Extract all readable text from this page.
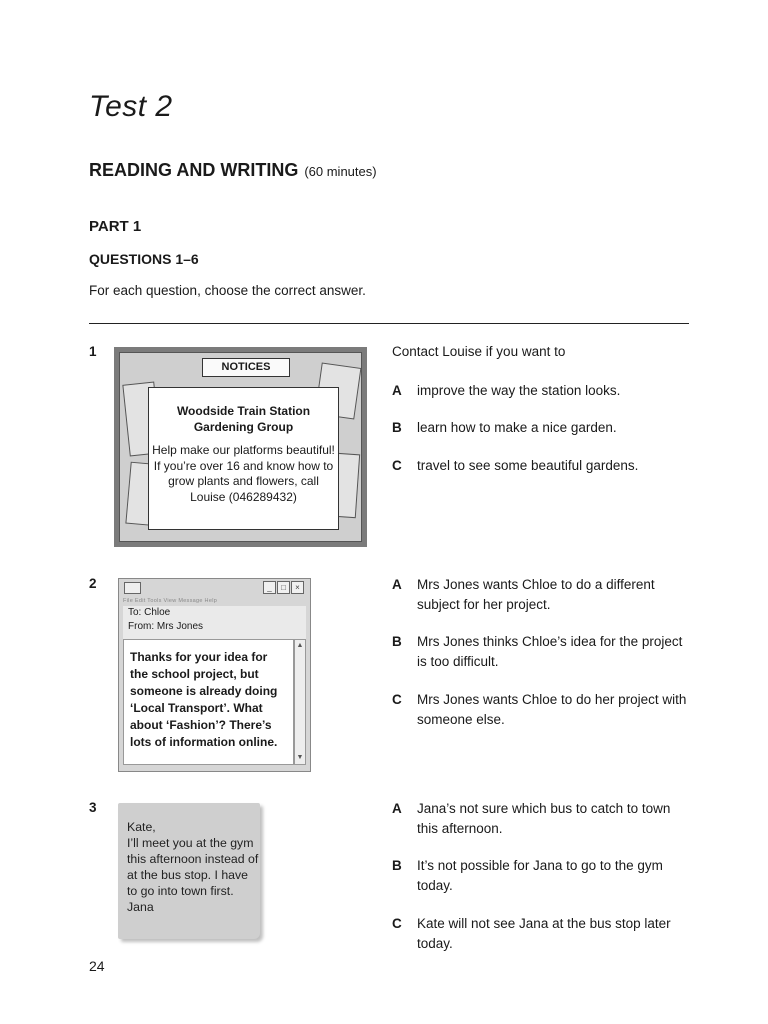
Test 2
READING AND WRITING (60 minutes)
PART 1
QUESTIONS 1–6
For each question, choose the correct answer.
1
NOTICES
Woodside Train Station Gardening Group
Help make our platforms beautiful! If you’re over 16 and know how to grow plants and flowers, call Louise (046289432)
Contact Louise if you want to
A improve the way the station looks.
B learn how to make a nice garden.
C travel to see some beautiful gardens.
2	_	□	×
File Edit Tools View Message Help
To: Chloe
From: Mrs Jones
Thanks for your idea for the school project, but someone is already doing ‘Local Transport’. What about ‘Fashion’? There’s lots of information online.
▲
▼
A Mrs Jones wants Chloe to do a different subject for her project.
B Mrs Jones thinks Chloe’s idea for the project is too difficult.
C Mrs Jones wants Chloe to do her project with someone else.
3
Kate,
I’ll meet you at the gym this afternoon instead of at the bus stop. I have to go into town first.
Jana
A Jana’s not sure which bus to catch to town this afternoon.
B It’s not possible for Jana to go to the gym today.
C Kate will not see Jana at the bus stop later today.
24
